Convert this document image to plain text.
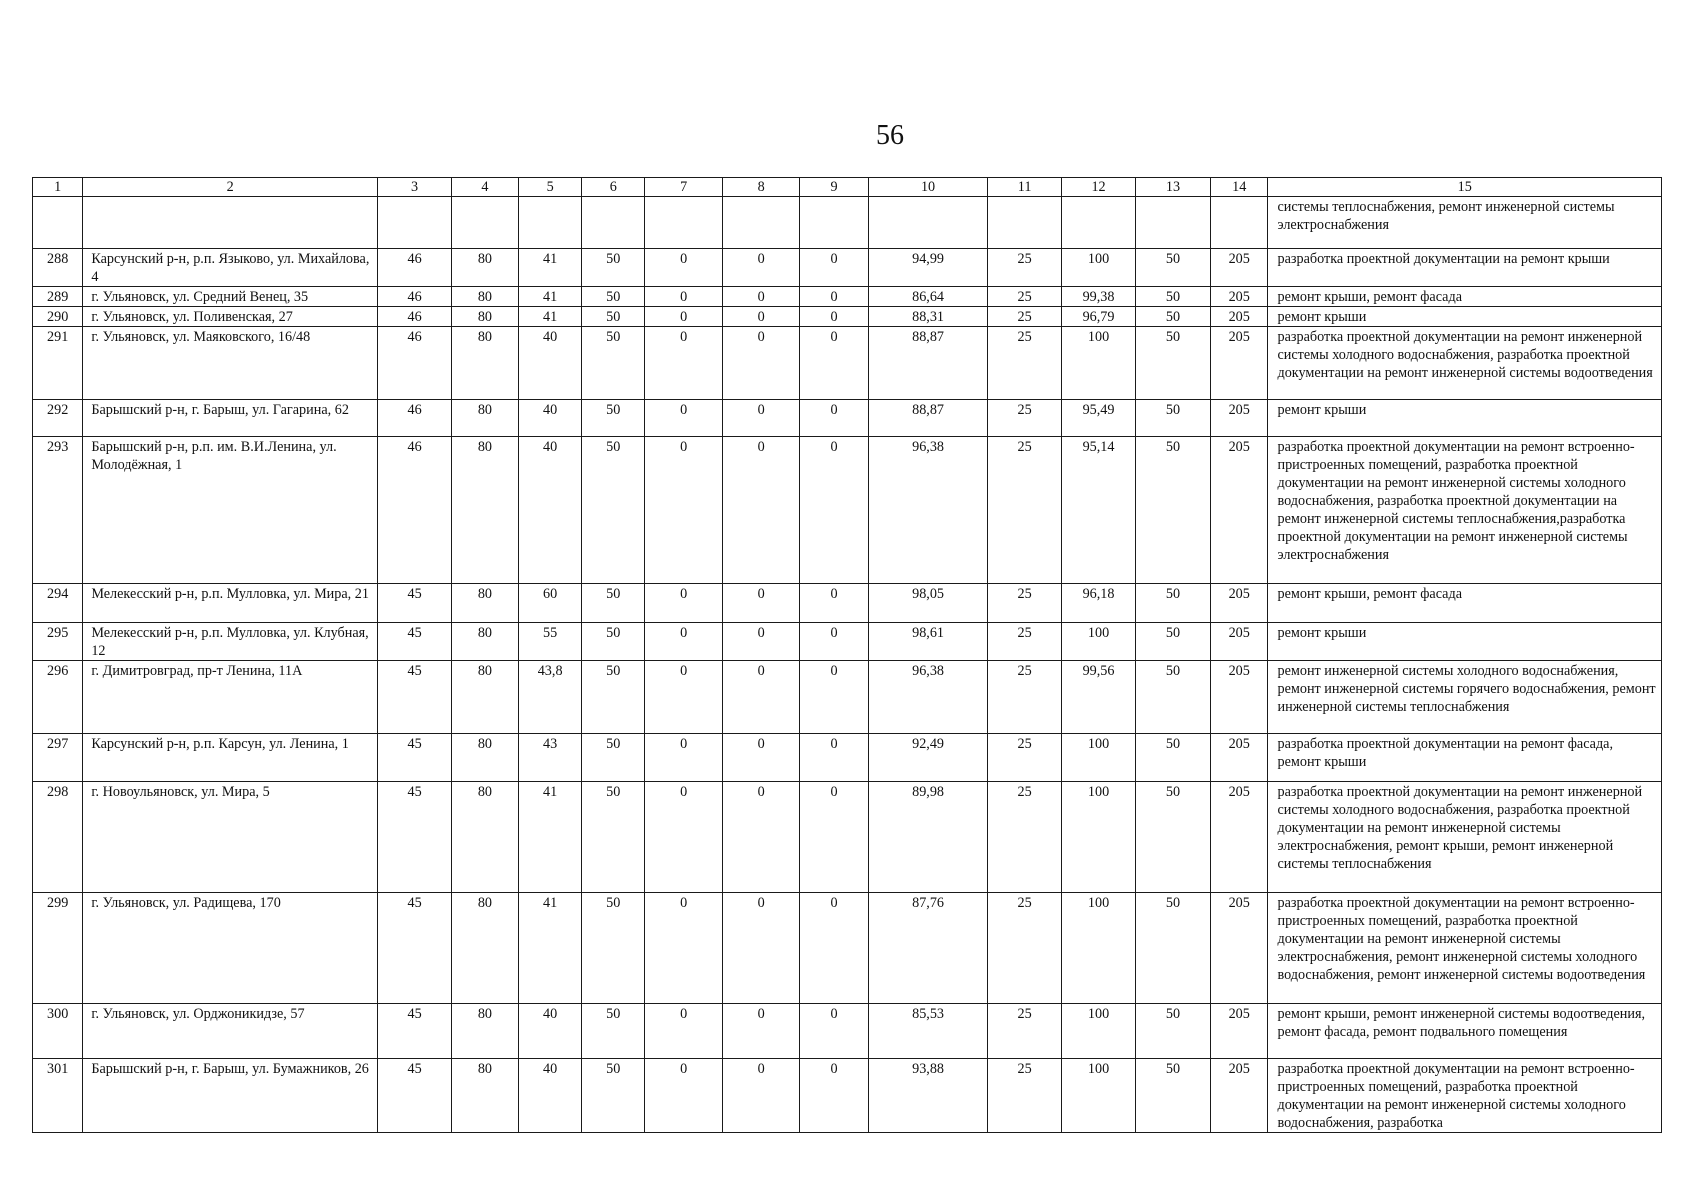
56
1	2	3	4	5	6	7	8	9	10	11	12	13	14	15
														системы теплоснабжения, ремонт инженерной системы электроснабжения
288	Карсунский р-н, р.п. Языково, ул. Михайлова, 4	46	80	41	50	0	0	0	94,99	25	100	50	205	разработка проектной документации на ремонт крыши
289	г. Ульяновск, ул. Средний Венец, 35	46	80	41	50	0	0	0	86,64	25	99,38	50	205	ремонт крыши, ремонт фасада
290	г. Ульяновск, ул. Поливенская, 27	46	80	41	50	0	0	0	88,31	25	96,79	50	205	ремонт крыши
291	г. Ульяновск, ул. Маяковского, 16/48	46	80	40	50	0	0	0	88,87	25	100	50	205	разработка проектной документации на ремонт инженерной системы холодного водоснабжения, разработка проектной документации на ремонт инженерной системы водоотведения
292	Барышский р-н, г. Барыш, ул. Гагарина, 62	46	80	40	50	0	0	0	88,87	25	95,49	50	205	ремонт крыши
293	Барышский р-н, р.п. им. В.И.Ленина, ул. Молодёжная, 1	46	80	40	50	0	0	0	96,38	25	95,14	50	205	разработка проектной документации на ремонт встроенно-пристроенных помещений, разработка проектной документации на ремонт инженерной системы холодного водоснабжения, разработка проектной документации на ремонт инженерной системы теплоснабжения,разработка проектной документации на ремонт инженерной системы электроснабжения
294	Мелекесский р-н, р.п. Мулловка, ул. Мира, 21	45	80	60	50	0	0	0	98,05	25	96,18	50	205	ремонт крыши, ремонт фасада
295	Мелекесский р-н, р.п. Мулловка, ул. Клубная, 12	45	80	55	50	0	0	0	98,61	25	100	50	205	ремонт крыши
296	г. Димитровград, пр-т Ленина, 11А	45	80	43,8	50	0	0	0	96,38	25	99,56	50	205	ремонт инженерной системы холодного водоснабжения, ремонт инженерной системы горячего водоснабжения, ремонт инженерной системы теплоснабжения
297	Карсунский р-н, р.п. Карсун, ул. Ленина, 1	45	80	43	50	0	0	0	92,49	25	100	50	205	разработка проектной документации на ремонт фасада, ремонт крыши
298	г. Новоульяновск, ул. Мира, 5	45	80	41	50	0	0	0	89,98	25	100	50	205	разработка проектной документации на ремонт инженерной системы холодного водоснабжения, разработка проектной документации на ремонт инженерной системы электроснабжения, ремонт крыши, ремонт инженерной системы теплоснабжения
299	г. Ульяновск, ул. Радищева, 170	45	80	41	50	0	0	0	87,76	25	100	50	205	разработка проектной документации на ремонт встроенно-пристроенных помещений, разработка проектной документации на ремонт инженерной системы электроснабжения, ремонт инженерной системы холодного водоснабжения, ремонт инженерной системы водоотведения
300	г. Ульяновск, ул. Орджоникидзе, 57	45	80	40	50	0	0	0	85,53	25	100	50	205	ремонт крыши, ремонт инженерной системы водоотведения, ремонт фасада, ремонт подвального помещения
301	Барышский р-н, г. Барыш, ул. Бумажников, 26	45	80	40	50	0	0	0	93,88	25	100	50	205	разработка проектной документации на ремонт встроенно-пристроенных помещений, разработка проектной документации на ремонт инженерной системы холодного водоснабжения, разработка
